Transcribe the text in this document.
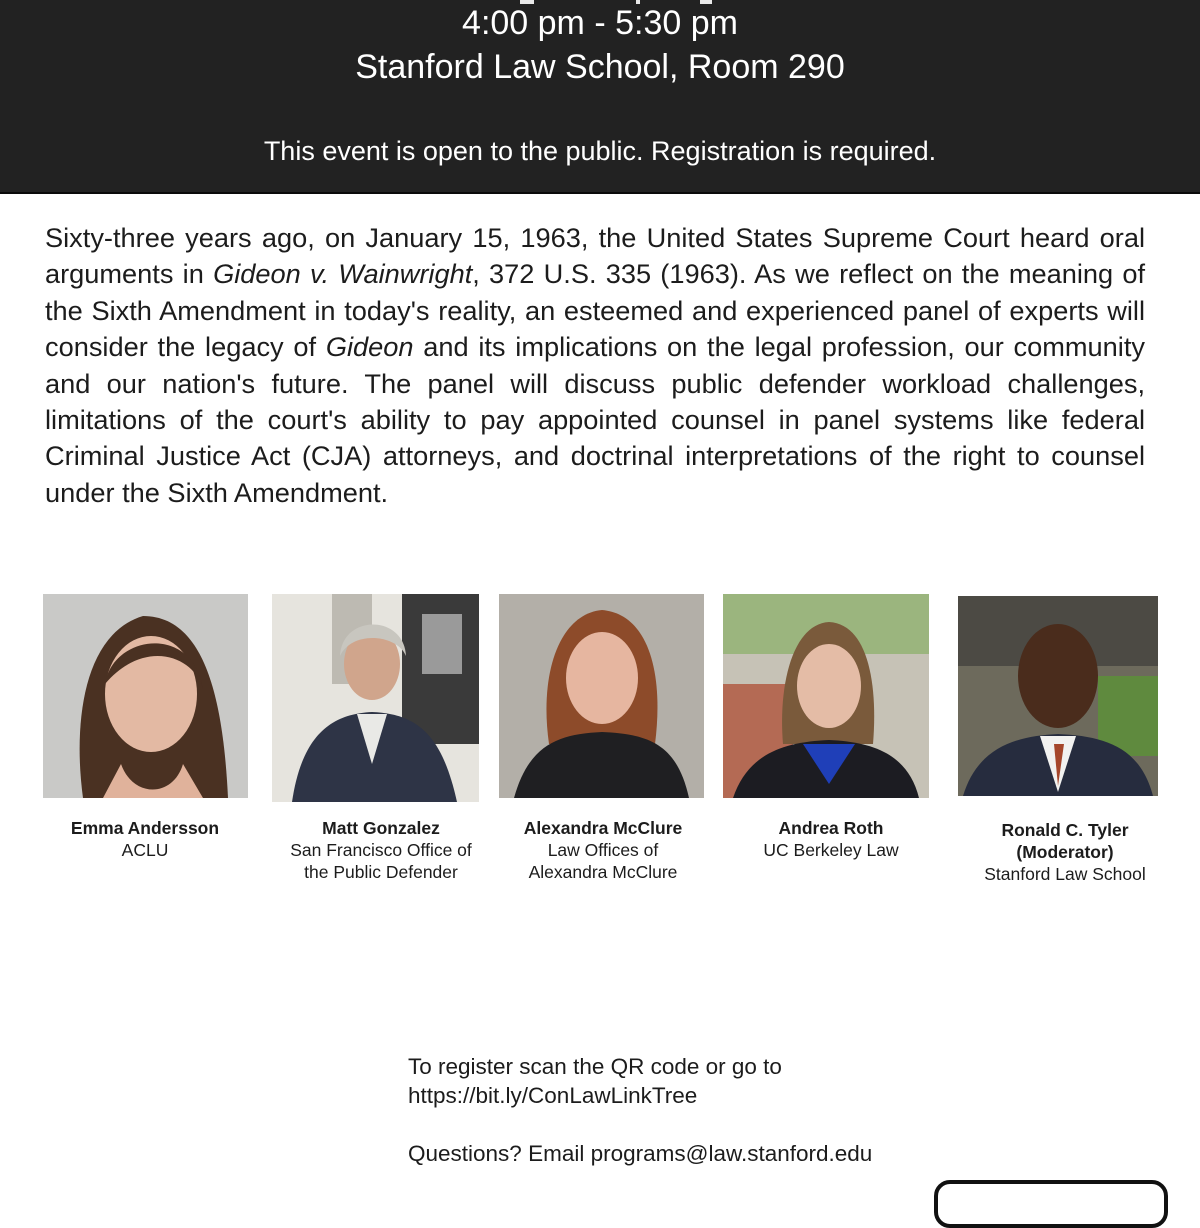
4:00 pm - 5:30 pm
Stanford Law School, Room 290
This event is open to the public. Registration is required.

Sixty-three years ago, on January 15, 1963, the United States Supreme Court heard oral arguments in Gideon v. Wainwright, 372 U.S. 335 (1963). As we reflect on the meaning of the Sixth Amendment in today's reality, an esteemed and experienced panel of experts will consider the legacy of Gideon and its implications on the legal profession, our community and our nation's future. The panel will discuss public defender workload challenges, limitations of the court's ability to pay appointed counsel in panel systems like federal Criminal Justice Act (CJA) attorneys, and doctrinal interpretations of the right to counsel under the Sixth Amendment.

Emma Andersson
ACLU
Matt Gonzalez
San Francisco Office of
the Public Defender
Alexandra McClure
Law Offices of
Alexandra McClure
Andrea Roth
UC Berkeley Law
Ronald C. Tyler
(Moderator)
Stanford Law School

To register scan the QR code or go to

https://bit.ly/ConLawLinkTree

Questions? Email programs@law.stanford.edu
